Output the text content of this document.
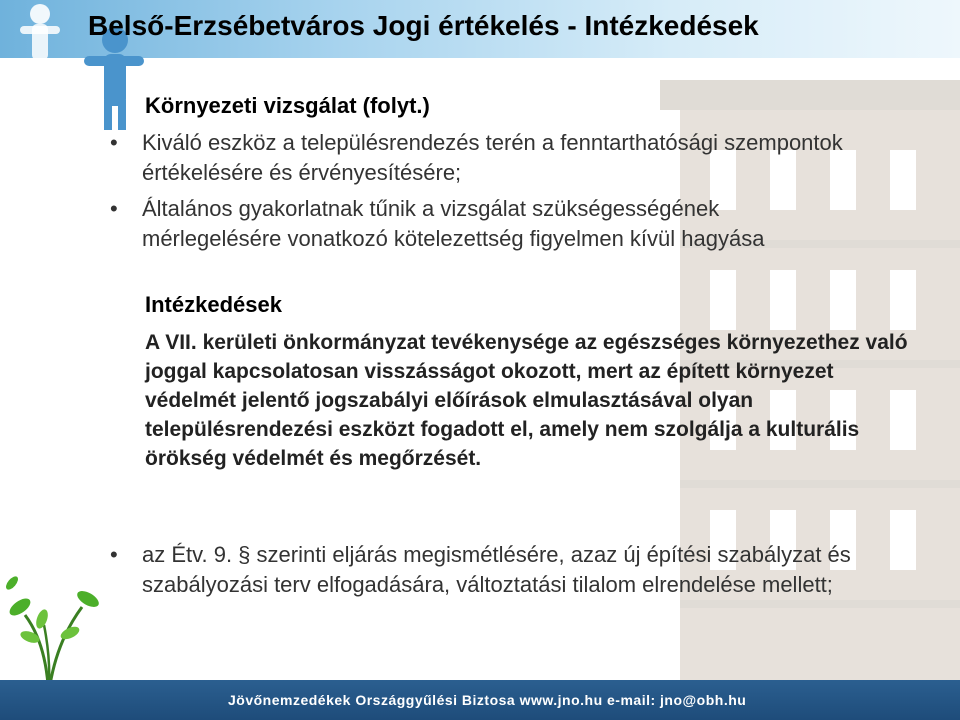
Belső-Erzsébetváros Jogi értékelés - Intézkedések
Környezeti vizsgálat (folyt.)
• Kiváló eszköz a településrendezés terén a fenntarthatósági szempontok értékelésére és érvényesítésére;
• Általános gyakorlatnak tűnik a vizsgálat szükségességének mérlegelésére vonatkozó kötelezettség figyelmen kívül hagyása
Intézkedések
A VII. kerületi önkormányzat tevékenysége az egészséges környezethez való joggal kapcsolatosan visszásságot okozott, mert az épített környezet védelmét jelentő jogszabályi előírások elmulasztásával olyan településrendezési eszközt fogadott el, amely nem szolgálja a kulturális örökség védelmét és megőrzését.
• az Étv. 9. § szerinti eljárás megismétlésére, azaz új építési szabályzat és szabályozási terv elfogadására, változtatási tilalom elrendelése mellett;
Jövőnemzedékek Országgyűlési Biztosa www.jno.hu e-mail: jno@obh.hu
